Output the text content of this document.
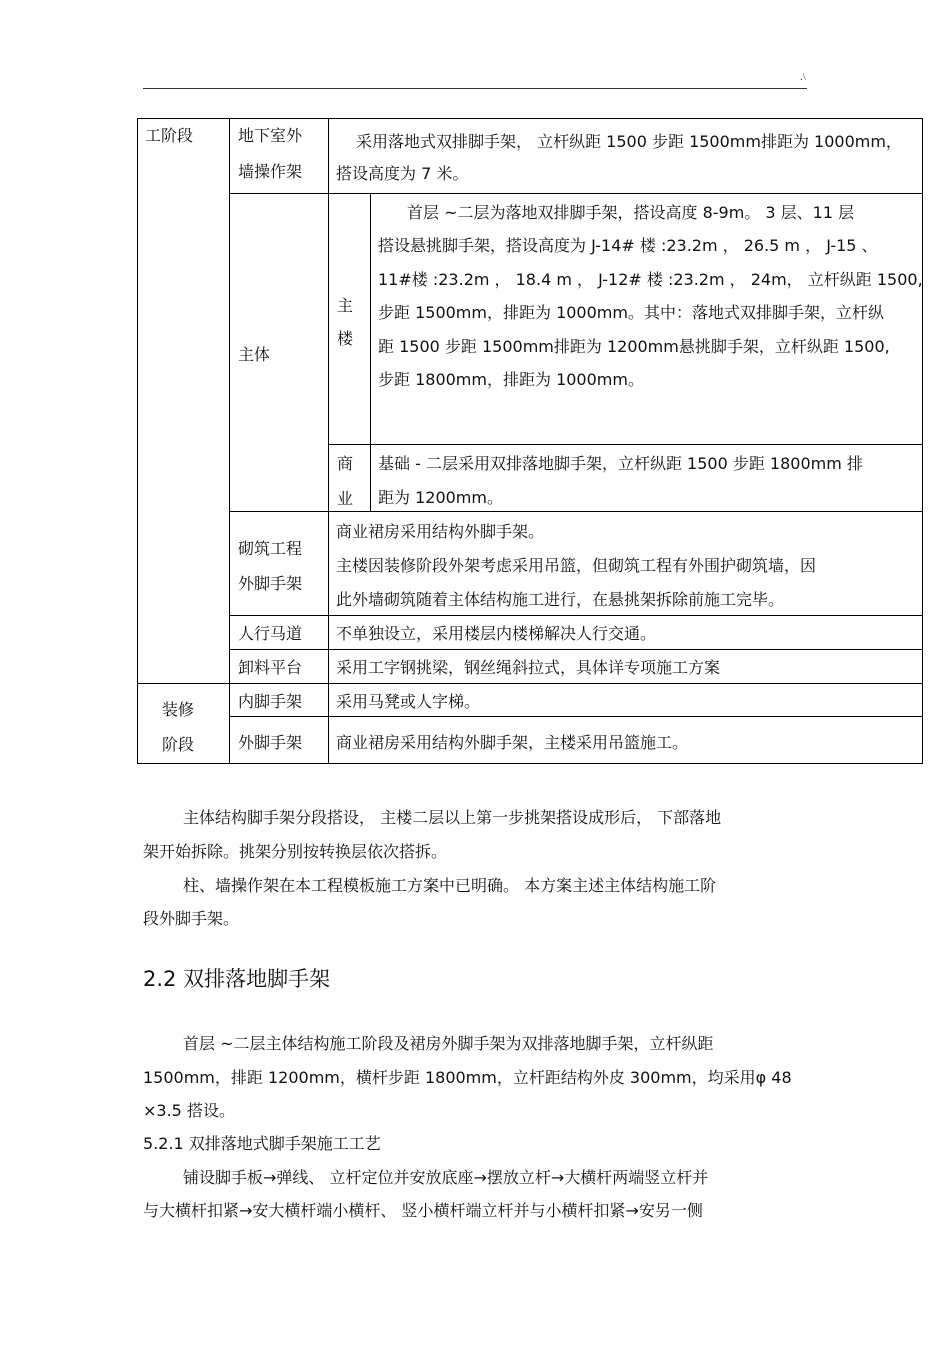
.\
工阶段
装修
阶段
地下室外
墙操作架
采用落地式双排脚手架， 立杆纵距 1500 步距 1500mm排距为 1000mm，
搭设高度为 7 米。
主体
主
楼
首层 ~二层为落地双排脚手架，搭设高度 8-9m。 3 层、11 层
搭设悬挑脚手架，搭设高度为 J-14# 楼 :23.2m ， 26.5 m ， J-15 、
11#楼 :23.2m ， 18.4 m ， J-12# 楼 :23.2m ， 24m， 立杆纵距 1500,
步距 1500mm，排距为 1000mm。其中：落地式双排脚手架，立杆纵
距 1500 步距 1500mm排距为 1200mm悬挑脚手架，立杆纵距 1500,
步距 1800mm，排距为 1000mm。
商
业
基础 - 二层采用双排落地脚手架，立杆纵距 1500 步距 1800mm 排
距为 1200mm。
砌筑工程
外脚手架
商业裙房采用结构外脚手架。
主楼因装修阶段外架考虑采用吊篮，但砌筑工程有外围护砌筑墙，因
此外墙砌筑随着主体结构施工进行，在悬挑架拆除前施工完毕。
人行马道 不单独设立，采用楼层内楼梯解决人行交通。
卸料平台 采用工字钢挑梁，钢丝绳斜拉式，具体详专项施工方案
内脚手架 采用马凳或人字梯。
外脚手架 商业裙房采用结构外脚手架，主楼采用吊篮施工。
主体结构脚手架分段搭设， 主楼二层以上第一步挑架搭设成形后， 下部落地
架开始拆除。挑架分别按转换层依次搭拆。
柱、墙操作架在本工程模板施工方案中已明确。 本方案主述主体结构施工阶
段外脚手架。
2.2 双排落地脚手架
首层 ~二层主体结构施工阶段及裙房外脚手架为双排落地脚手架，立杆纵距
1500mm，排距 1200mm，横杆步距 1800mm，立杆距结构外皮 300mm，均采用φ 48
×3.5 搭设。
5.2.1 双排落地式脚手架施工工艺
铺设脚手板→弹线、 立杆定位并安放底座→摆放立杆→大横杆两端竖立杆并
与大横杆扣紧→安大横杆端小横杆、 竖小横杆端立杆并与小横杆扣紧→安另一侧
